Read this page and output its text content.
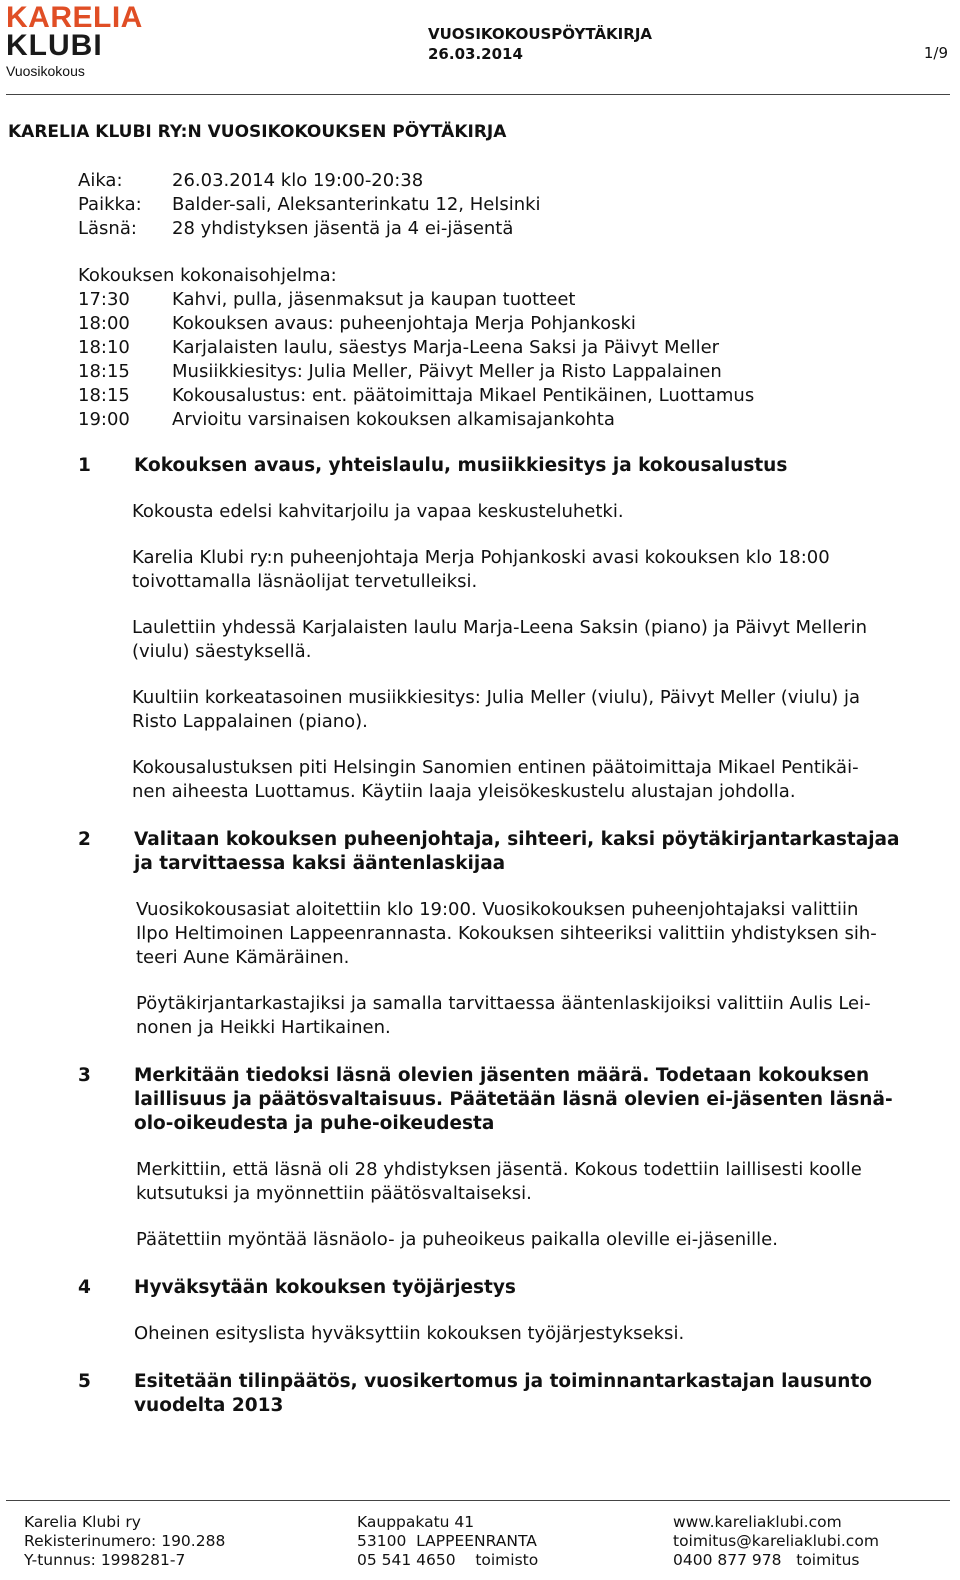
KARELIA
KLUBI
Vuosikokous
VUOSIKOKOUSPÖYTÄKIRJA
26.03.2014	1/9
KARELIA KLUBI RY:N VUOSIKOKOUKSEN PÖYTÄKIRJA
Aika:	26.03.2014 klo 19:00-20:38
Paikka:	Balder-sali, Aleksanterinkatu 12, Helsinki
Läsnä:	28 yhdistyksen jäsentä ja 4 ei-jäsentä
Kokouksen kokonaisohjelma:
17:30	Kahvi, pulla, jäsenmaksut ja kaupan tuotteet
18:00	Kokouksen avaus: puheenjohtaja Merja Pohjankoski
18:10	Karjalaisten laulu, säestys Marja-Leena Saksi ja Päivyt Meller
18:15	Musiikkiesitys: Julia Meller, Päivyt Meller ja Risto Lappalainen
18:15	Kokousalustus: ent. päätoimittaja Mikael Pentikäinen, Luottamus
19:00	Arvioitu varsinaisen kokouksen alkamisajankohta
1	Kokouksen avaus, yhteislaulu, musiikkiesitys ja kokousalustus
Kokousta edelsi kahvitarjoilu ja vapaa keskusteluhetki.
Karelia Klubi ry:n puheenjohtaja Merja Pohjankoski avasi kokouksen klo 18:00
toivottamalla läsnäolijat tervetulleiksi.
Laulettiin yhdessä Karjalaisten laulu Marja-Leena Saksin (piano) ja Päivyt Mellerin
(viulu) säestyksellä.
Kuultiin korkeatasoinen musiikkiesitys: Julia Meller (viulu), Päivyt Meller (viulu) ja
Risto Lappalainen (piano).
Kokousalustuksen piti Helsingin Sanomien entinen päätoimittaja Mikael Pentikäi-
nen aiheesta Luottamus. Käytiin laaja yleisökeskustelu alustajan johdolla.
2	Valitaan kokouksen puheenjohtaja, sihteeri, kaksi pöytäkirjantarkastajaa
ja tarvittaessa kaksi ääntenlaskijaa
Vuosikokousasiat aloitettiin klo 19:00. Vuosikokouksen puheenjohtajaksi valittiin
Ilpo Heltimoinen Lappeenrannasta. Kokouksen sihteeriksi valittiin yhdistyksen sih-
teeri Aune Kämäräinen.
Pöytäkirjantarkastajiksi ja samalla tarvittaessa ääntenlaskijoiksi valittiin Aulis Lei-
nonen ja Heikki Hartikainen.
3	Merkitään tiedoksi läsnä olevien jäsenten määrä. Todetaan kokouksen
laillisuus ja päätösvaltaisuus. Päätetään läsnä olevien ei-jäsenten läsnä-
olo-oikeudesta ja puhe-oikeudesta
Merkittiin, että läsnä oli 28 yhdistyksen jäsentä. Kokous todettiin laillisesti koolle
kutsutuksi ja myönnettiin päätösvaltaiseksi.
Päätettiin myöntää läsnäolo- ja puheoikeus paikalla oleville ei-jäsenille.
4	Hyväksytään kokouksen työjärjestys
Oheinen esityslista hyväksyttiin kokouksen työjärjestykseksi.
5	Esitetään tilinpäätös, vuosikertomus ja toiminnantarkastajan lausunto
vuodelta 2013
Karelia Klubi ry
Rekisterinumero: 190.288
Y-tunnus: 1998281-7
Kauppakatu 41
53100  LAPPEENRANTA
05 541 4650    toimisto
www.kareliaklubi.com
toimitus@kareliaklubi.com
0400 877 978   toimitus
